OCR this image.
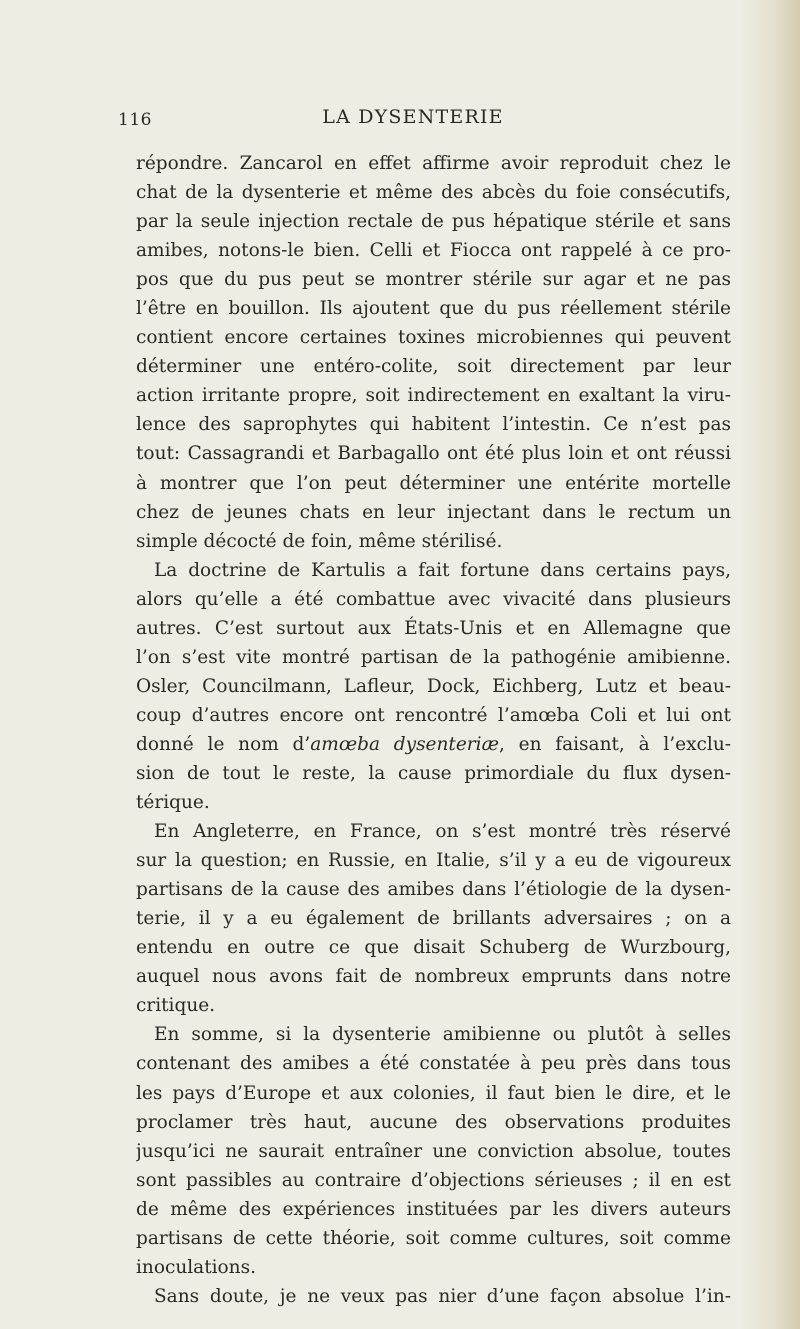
116	LA DYSENTERIE
répondre. Zancarol en effet affirme avoir reproduit chez le
chat de la dysenterie et même des abcès du foie consécutifs,
par la seule injection rectale de pus hépatique stérile et sans
amibes, notons-le bien. Celli et Fiocca ont rappelé à ce pro-
pos que du pus peut se montrer stérile sur agar et ne pas
l’être en bouillon. Ils ajoutent que du pus réellement stérile
contient encore certaines toxines microbiennes qui peuvent
déterminer une entéro-colite, soit directement par leur
action irritante propre, soit indirectement en exaltant la viru-
lence des saprophytes qui habitent l’intestin. Ce n’est pas
tout: Cassagrandi et Barbagallo ont été plus loin et ont réussi
à montrer que l’on peut déterminer une entérite mortelle
chez de jeunes chats en leur injectant dans le rectum un
simple décocté de foin, même stérilisé.
La doctrine de Kartulis a fait fortune dans certains pays,
alors qu’elle a été combattue avec vivacité dans plusieurs
autres. C’est surtout aux États-Unis et en Allemagne que
l’on s’est vite montré partisan de la pathogénie amibienne.
Osler, Councilmann, Lafleur, Dock, Eichberg, Lutz et beau-
coup d’autres encore ont rencontré l’amœba Coli et lui ont
donné le nom d’amœba dysenteriæ, en faisant, à l’exclu-
sion de tout le reste, la cause primordiale du flux dysen-
térique.
En Angleterre, en France, on s’est montré très réservé
sur la question; en Russie, en Italie, s’il y a eu de vigoureux
partisans de la cause des amibes dans l’étiologie de la dysen-
terie, il y a eu également de brillants adversaires ; on a
entendu en outre ce que disait Schuberg de Wurzbourg,
auquel nous avons fait de nombreux emprunts dans notre
critique.
En somme, si la dysenterie amibienne ou plutôt à selles
contenant des amibes a été constatée à peu près dans tous
les pays d’Europe et aux colonies, il faut bien le dire, et le
proclamer très haut, aucune des observations produites
jusqu’ici ne saurait entraîner une conviction absolue, toutes
sont passibles au contraire d’objections sérieuses ; il en est
de même des expériences instituées par les divers auteurs
partisans de cette théorie, soit comme cultures, soit comme
inoculations.
Sans doute, je ne veux pas nier d’une façon absolue l’in-
